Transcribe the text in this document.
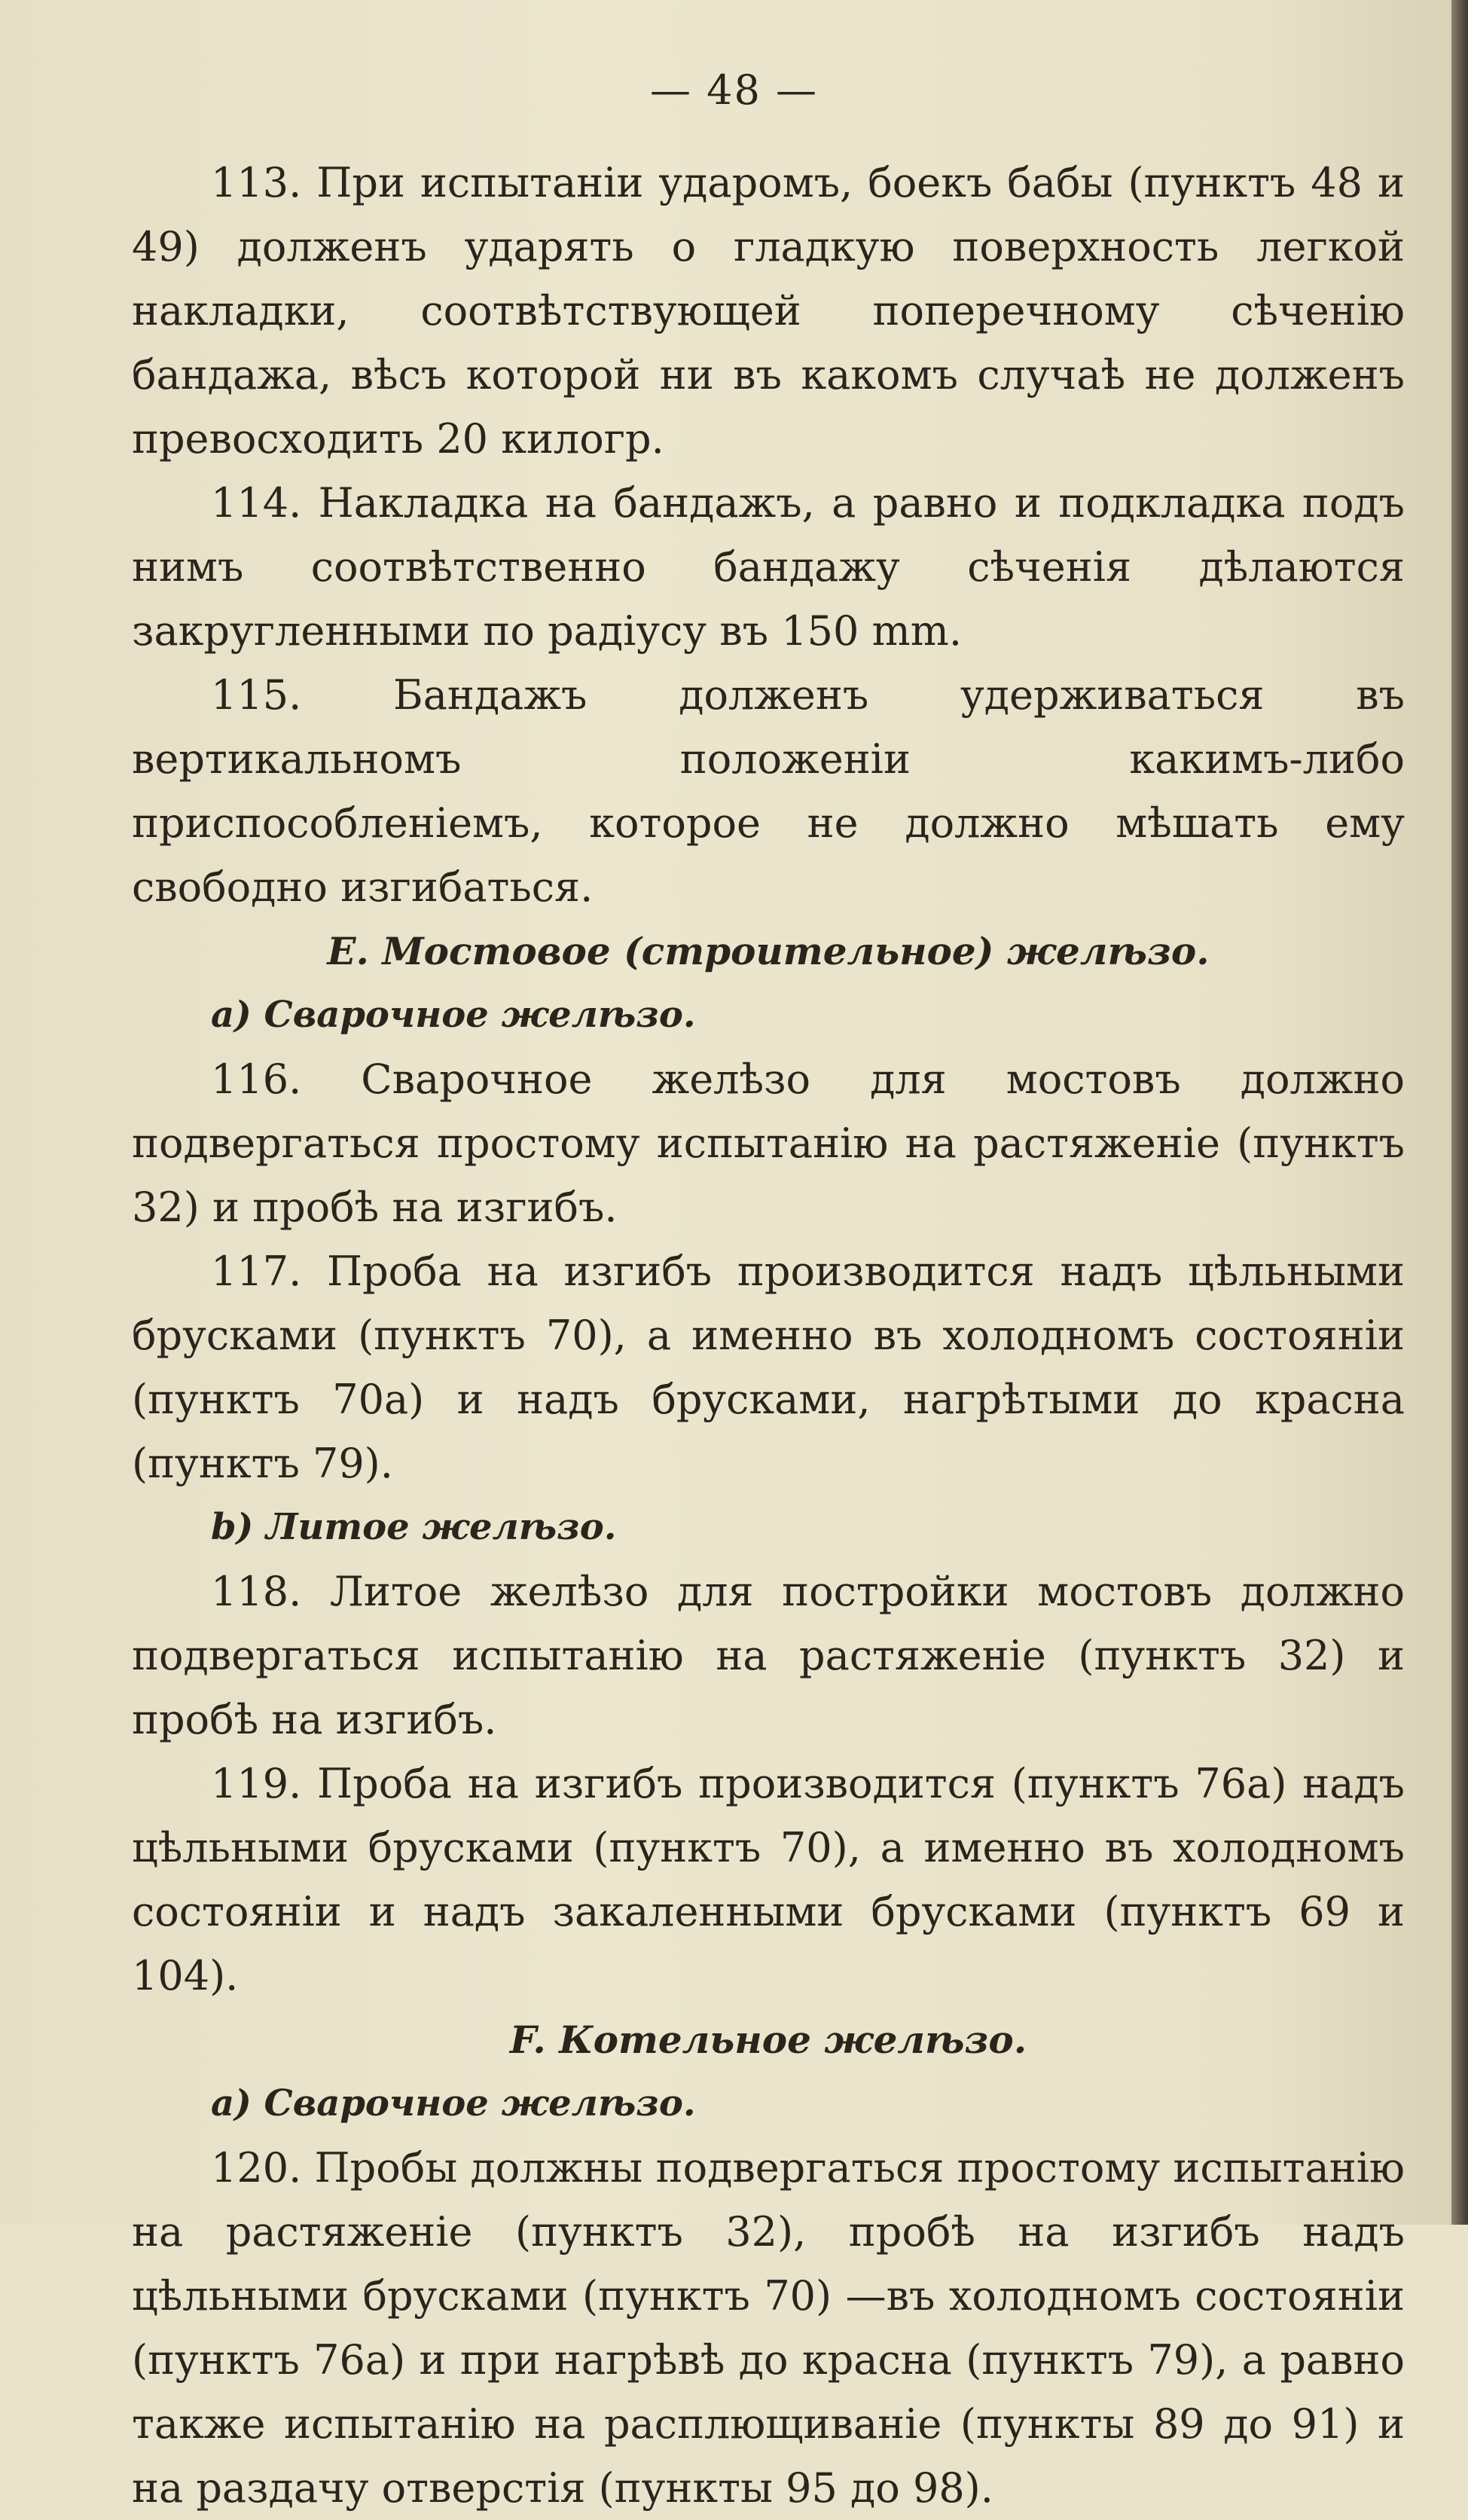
— 48 —

113. При испытаніи ударомъ, боекъ бабы (пунктъ 48 и 49) долженъ ударять о гладкую поверхность легкой накладки, соотвѣтствующей поперечному сѣченію бандажа, вѣсъ которой ни въ какомъ случаѣ не долженъ превосходить 20 килогр.

114. Накладка на бандажъ, а равно и подкладка подъ нимъ соотвѣтственно бандажу сѣченія дѣлаются закругленными по радіусу въ 150 mm.

115. Бандажъ долженъ удерживаться въ вертикальномъ положеніи какимъ-либо приспособленіемъ, которое не должно мѣшать ему свободно изгибаться.

E. Мостовое (строительное) желѣзо.

a) Сварочное желѣзо.

116. Сварочное желѣзо для мостовъ должно подвергаться простому испытанію на растяженіе (пунктъ 32) и пробѣ на изгибъ.

117. Проба на изгибъ производится надъ цѣльными брусками (пунктъ 70), а именно въ холодномъ состояніи (пунктъ 70a) и надъ брусками, нагрѣтыми до красна (пунктъ 79).

b) Литое желѣзо.

118. Литое желѣзо для постройки мостовъ должно подвергаться испытанію на растяженіе (пунктъ 32) и пробѣ на изгибъ.

119. Проба на изгибъ производится (пунктъ 76a) надъ цѣльными брусками (пунктъ 70), а именно въ холодномъ состояніи и надъ закаленными брусками (пунктъ 69 и 104).

F. Котельное желѣзо.

a) Сварочное желѣзо.

120. Пробы должны подвергаться простому испытанію на растяженіе (пунктъ 32), пробѣ на изгибъ надъ цѣльными брусками (пунктъ 70) —въ холодномъ состояніи (пунктъ 76a) и при нагрѣвѣ до красна (пунктъ 79), а равно также испытанію на расплющиваніе (пункты 89 до 91) и на раздачу отверстія (пункты 95 до 98).
